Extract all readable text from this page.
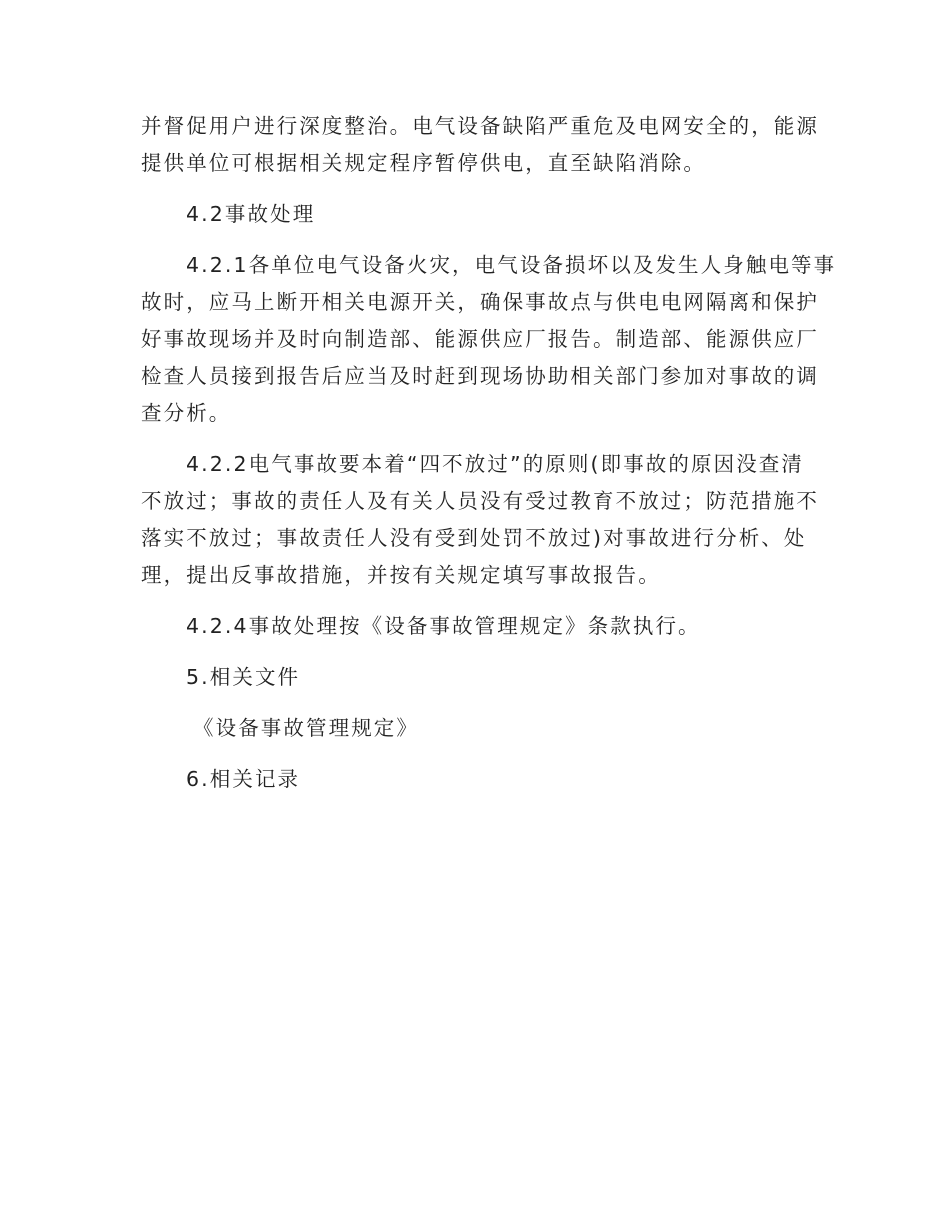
并督促用户进行深度整治。电气设备缺陷严重危及电网安全的，能源
提供单位可根据相关规定程序暂停供电，直至缺陷消除。

4.2事故处理

4.2.1各单位电气设备火灾，电气设备损坏以及发生人身触电等事
故时，应马上断开相关电源开关，确保事故点与供电电网隔离和保护
好事故现场并及时向制造部、能源供应厂报告。制造部、能源供应厂
检查人员接到报告后应当及时赶到现场协助相关部门参加对事故的调
查分析。

4.2.2电气事故要本着“四不放过”的原则(即事故的原因没查清
不放过；事故的责任人及有关人员没有受过教育不放过；防范措施不
落实不放过；事故责任人没有受到处罚不放过)对事故进行分析、处
理，提出反事故措施，并按有关规定填写事故报告。

4.2.4事故处理按《设备事故管理规定》条款执行。

5.相关文件

《设备事故管理规定》

6.相关记录
